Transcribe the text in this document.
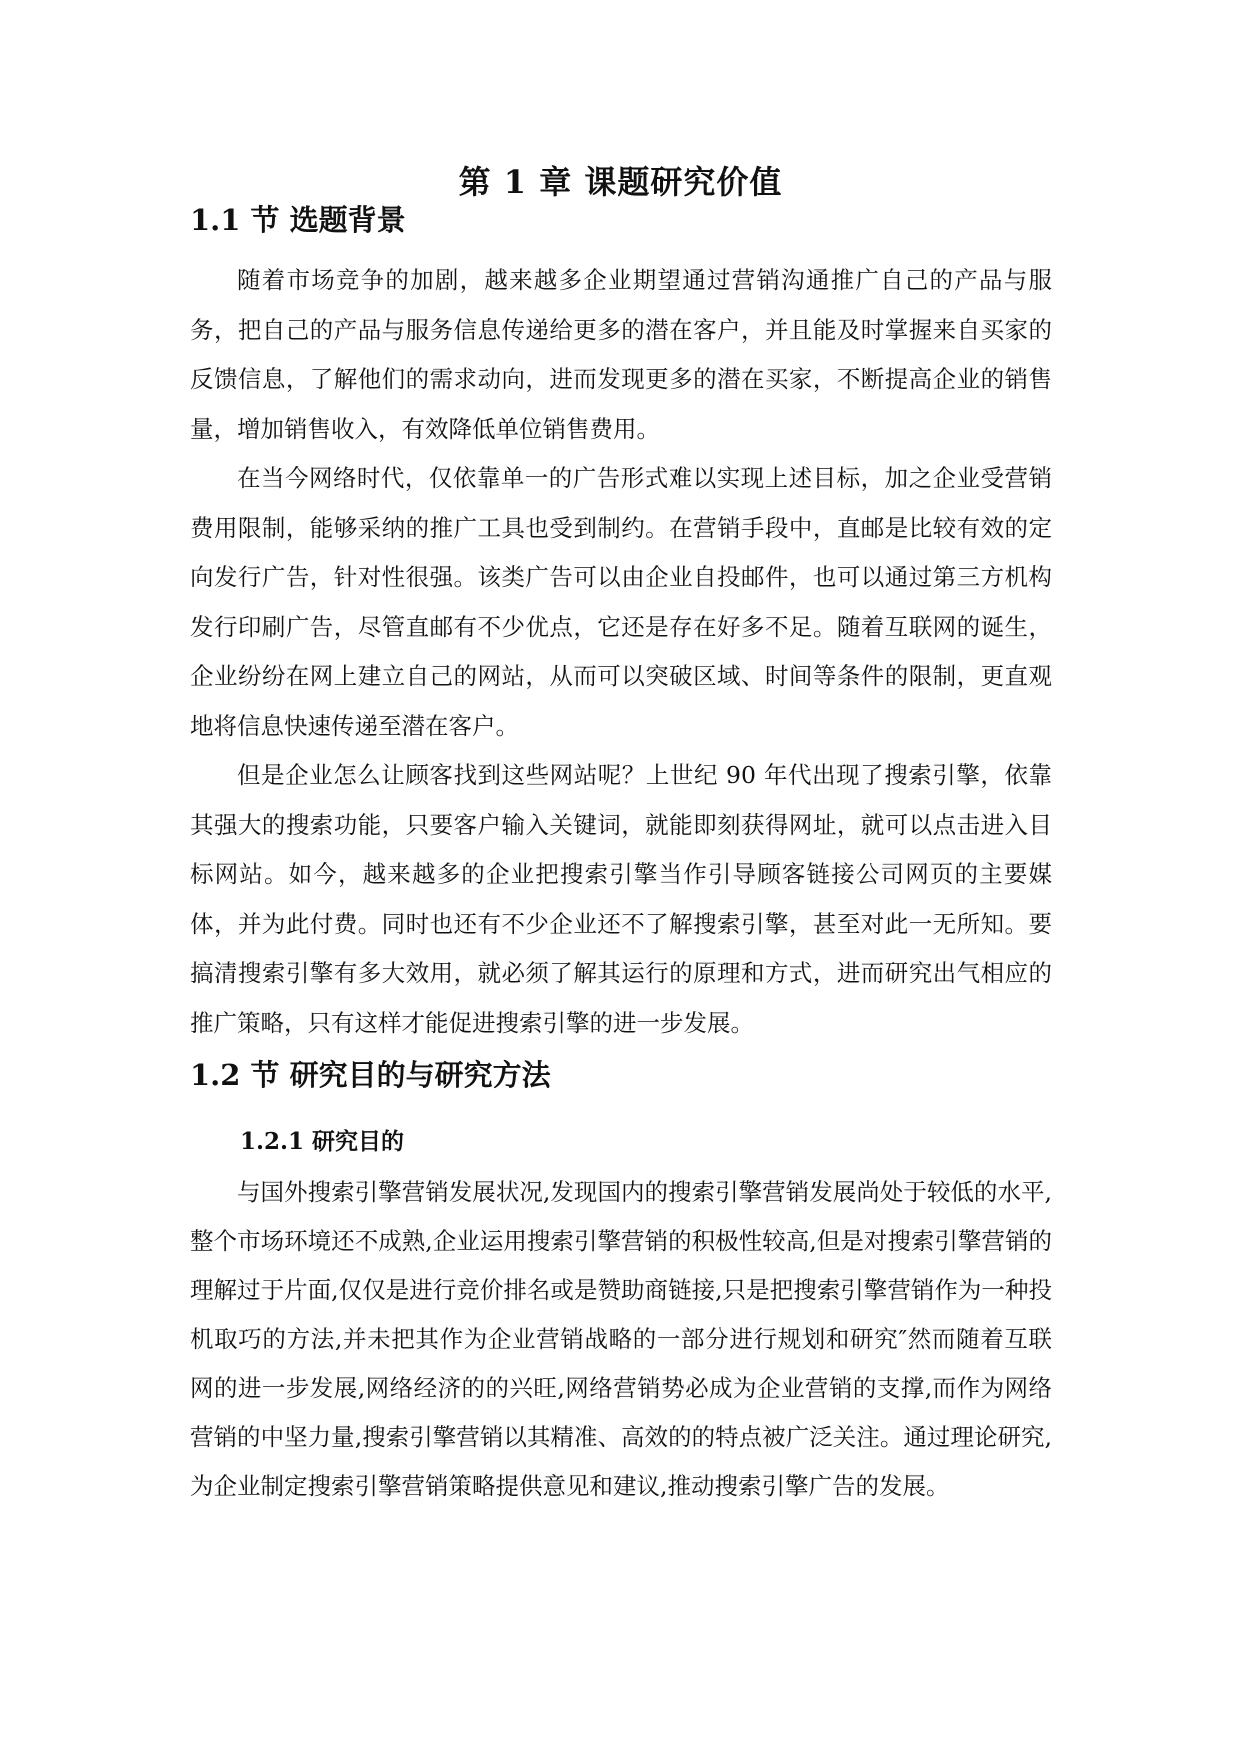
第 1 章 课题研究价值
1.1 节 选题背景

随着市场竞争的加剧，越来越多企业期望通过营销沟通推广自己的产品与服务，把自己的产品与服务信息传递给更多的潜在客户，并且能及时掌握来自买家的反馈信息，了解他们的需求动向，进而发现更多的潜在买家，不断提高企业的销售量，增加销售收入，有效降低单位销售费用。

在当今网络时代，仅依靠单一的广告形式难以实现上述目标，加之企业受营销费用限制，能够采纳的推广工具也受到制约。在营销手段中，直邮是比较有效的定向发行广告，针对性很强。该类广告可以由企业自投邮件，也可以通过第三方机构发行印刷广告，尽管直邮有不少优点，它还是存在好多不足。随着互联网的诞生，企业纷纷在网上建立自己的网站，从而可以突破区域、时间等条件的限制，更直观地将信息快速传递至潜在客户。

但是企业怎么让顾客找到这些网站呢？上世纪 90 年代出现了搜索引擎，依靠其强大的搜索功能，只要客户输入关键词，就能即刻获得网址，就可以点击进入目标网站。如今，越来越多的企业把搜索引擎当作引导顾客链接公司网页的主要媒体，并为此付费。同时也还有不少企业还不了解搜索引擎，甚至对此一无所知。要搞清搜索引擎有多大效用，就必须了解其运行的原理和方式，进而研究出气相应的推广策略，只有这样才能促进搜索引擎的进一步发展。

1.2 节 研究目的与研究方法
1.2.1 研究目的

与国外搜索引擎营销发展状况,发现国内的搜索引擎营销发展尚处于较低的水平,整个市场环境还不成熟,企业运用搜索引擎营销的积极性较高,但是对搜索引擎营销的理解过于片面,仅仅是进行竞价排名或是赞助商链接,只是把搜索引擎营销作为一种投机取巧的方法,并未把其作为企业营销战略的一部分进行规划和研究″然而随着互联网的进一步发展,网络经济的的兴旺,网络营销势必成为企业营销的支撑,而作为网络营销的中坚力量,搜索引擎营销以其精准、高效的的特点被广泛关注。通过理论研究,为企业制定搜索引擎营销策略提供意见和建议,推动搜索引擎广告的发展。
